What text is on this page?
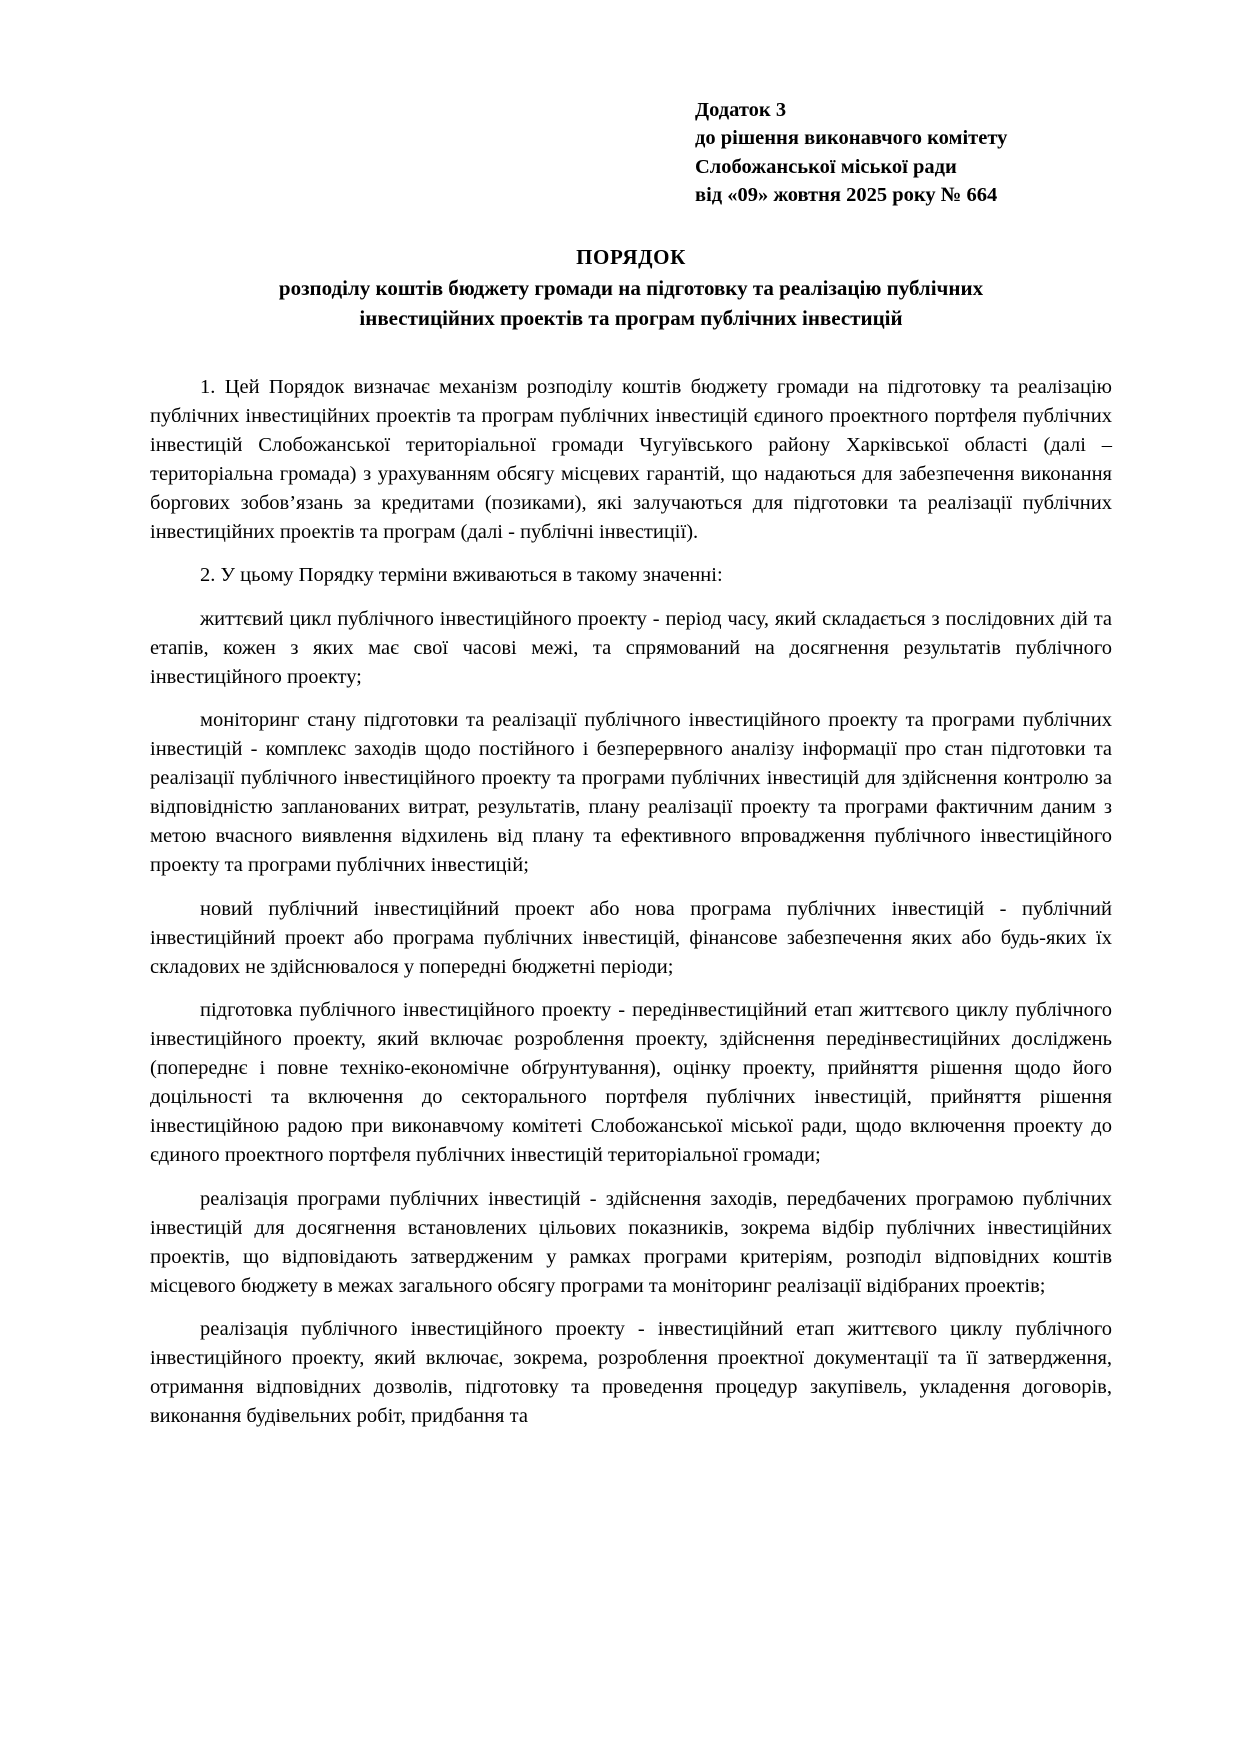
Додаток 3
до рішення виконавчого комітету
Слобожанської міської ради
від «09» жовтня 2025 року № 664
ПОРЯДОК
розподілу коштів бюджету громади на підготовку та реалізацію публічних
інвестиційних проектів та програм публічних інвестицій

1. Цей Порядок визначає механізм розподілу коштів бюджету громади на підготовку та реалізацію публічних інвестиційних проектів та програм публічних інвестицій єдиного проектного портфеля публічних інвестицій Слобожанської територіальної громади Чугуївського району Харківської області (далі – територіальна громада) з урахуванням обсягу місцевих гарантій, що надаються для забезпечення виконання боргових зобов’язань за кредитами (позиками), які залучаються для підготовки та реалізації публічних інвестиційних проектів та програм (далі - публічні інвестиції).

2. У цьому Порядку терміни вживаються в такому значенні:

життєвий цикл публічного інвестиційного проекту - період часу, який складається з послідовних дій та етапів, кожен з яких має свої часові межі, та спрямований на досягнення результатів публічного інвестиційного проекту;

моніторинг стану підготовки та реалізації публічного інвестиційного проекту та програми публічних інвестицій - комплекс заходів щодо постійного і безперервного аналізу інформації про стан підготовки та реалізації публічного інвестиційного проекту та програми публічних інвестицій для здійснення контролю за відповідністю запланованих витрат, результатів, плану реалізації проекту та програми фактичним даним з метою вчасного виявлення відхилень від плану та ефективного впровадження публічного інвестиційного проекту та програми публічних інвестицій;

новий публічний інвестиційний проект або нова програма публічних інвестицій - публічний інвестиційний проект або програма публічних інвестицій, фінансове забезпечення яких або будь-яких їх складових не здійснювалося у попередні бюджетні періоди;

підготовка публічного інвестиційного проекту - передінвестиційний етап життєвого циклу публічного інвестиційного проекту, який включає розроблення проекту, здійснення передінвестиційних досліджень (попереднє і повне техніко-економічне обґрунтування), оцінку проекту, прийняття рішення щодо його доцільності та включення до секторального портфеля публічних інвестицій, прийняття рішення інвестиційною радою при виконавчому комітеті Слобожанської міської ради, щодо включення проекту до єдиного проектного портфеля публічних інвестицій територіальної громади;

реалізація програми публічних інвестицій - здійснення заходів, передбачених програмою публічних інвестицій для досягнення встановлених цільових показників, зокрема відбір публічних інвестиційних проектів, що відповідають затвердженим у рамках програми критеріям, розподіл відповідних коштів місцевого бюджету в межах загального обсягу програми та моніторинг реалізації відібраних проектів;

реалізація публічного інвестиційного проекту - інвестиційний етап життєвого циклу публічного інвестиційного проекту, який включає, зокрема, розроблення проектної документації та її затвердження, отримання відповідних дозволів, підготовку та проведення процедур закупівель, укладення договорів, виконання будівельних робіт, придбання та
